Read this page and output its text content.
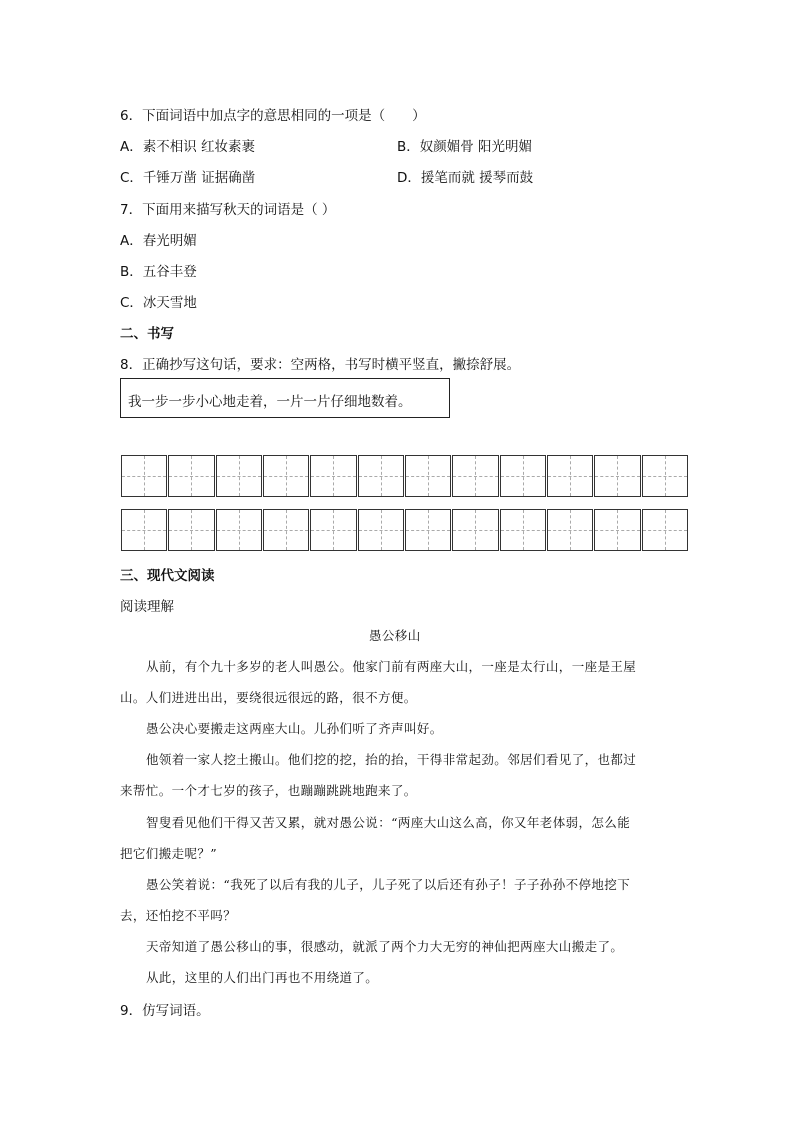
6．下面词语中加点字的意思相同的一项是（　　）
A．素不相识 红妆素裹	B．奴颜媚骨 阳光明媚
C．千锤万凿 证据确凿	D．援笔而就 援琴而鼓
7．下面用来描写秋天的词语是（ ）
A．春光明媚
B．五谷丰登
C．冰天雪地
二、书写
8．正确抄写这句话，要求：空两格，书写时横平竖直，撇捺舒展。
我一步一步小心地走着，一片一片仔细地数着。
三、现代文阅读
阅读理解
愚公移山
从前，有个九十多岁的老人叫愚公。他家门前有两座大山，一座是太行山，一座是王屋
山。人们进进出出，要绕很远很远的路，很不方便。
愚公决心要搬走这两座大山。儿孙们听了齐声叫好。
他领着一家人挖土搬山。他们挖的挖，抬的抬，干得非常起劲。邻居们看见了，也都过
来帮忙。一个才七岁的孩子，也蹦蹦跳跳地跑来了。
智叟看见他们干得又苦又累，就对愚公说：“两座大山这么高，你又年老体弱，怎么能
把它们搬走呢？”
愚公笑着说：“我死了以后有我的儿子，儿子死了以后还有孙子！子子孙孙不停地挖下
去，还怕挖不平吗？
天帝知道了愚公移山的事，很感动，就派了两个力大无穷的神仙把两座大山搬走了。
从此，这里的人们出门再也不用绕道了。
9．仿写词语。
